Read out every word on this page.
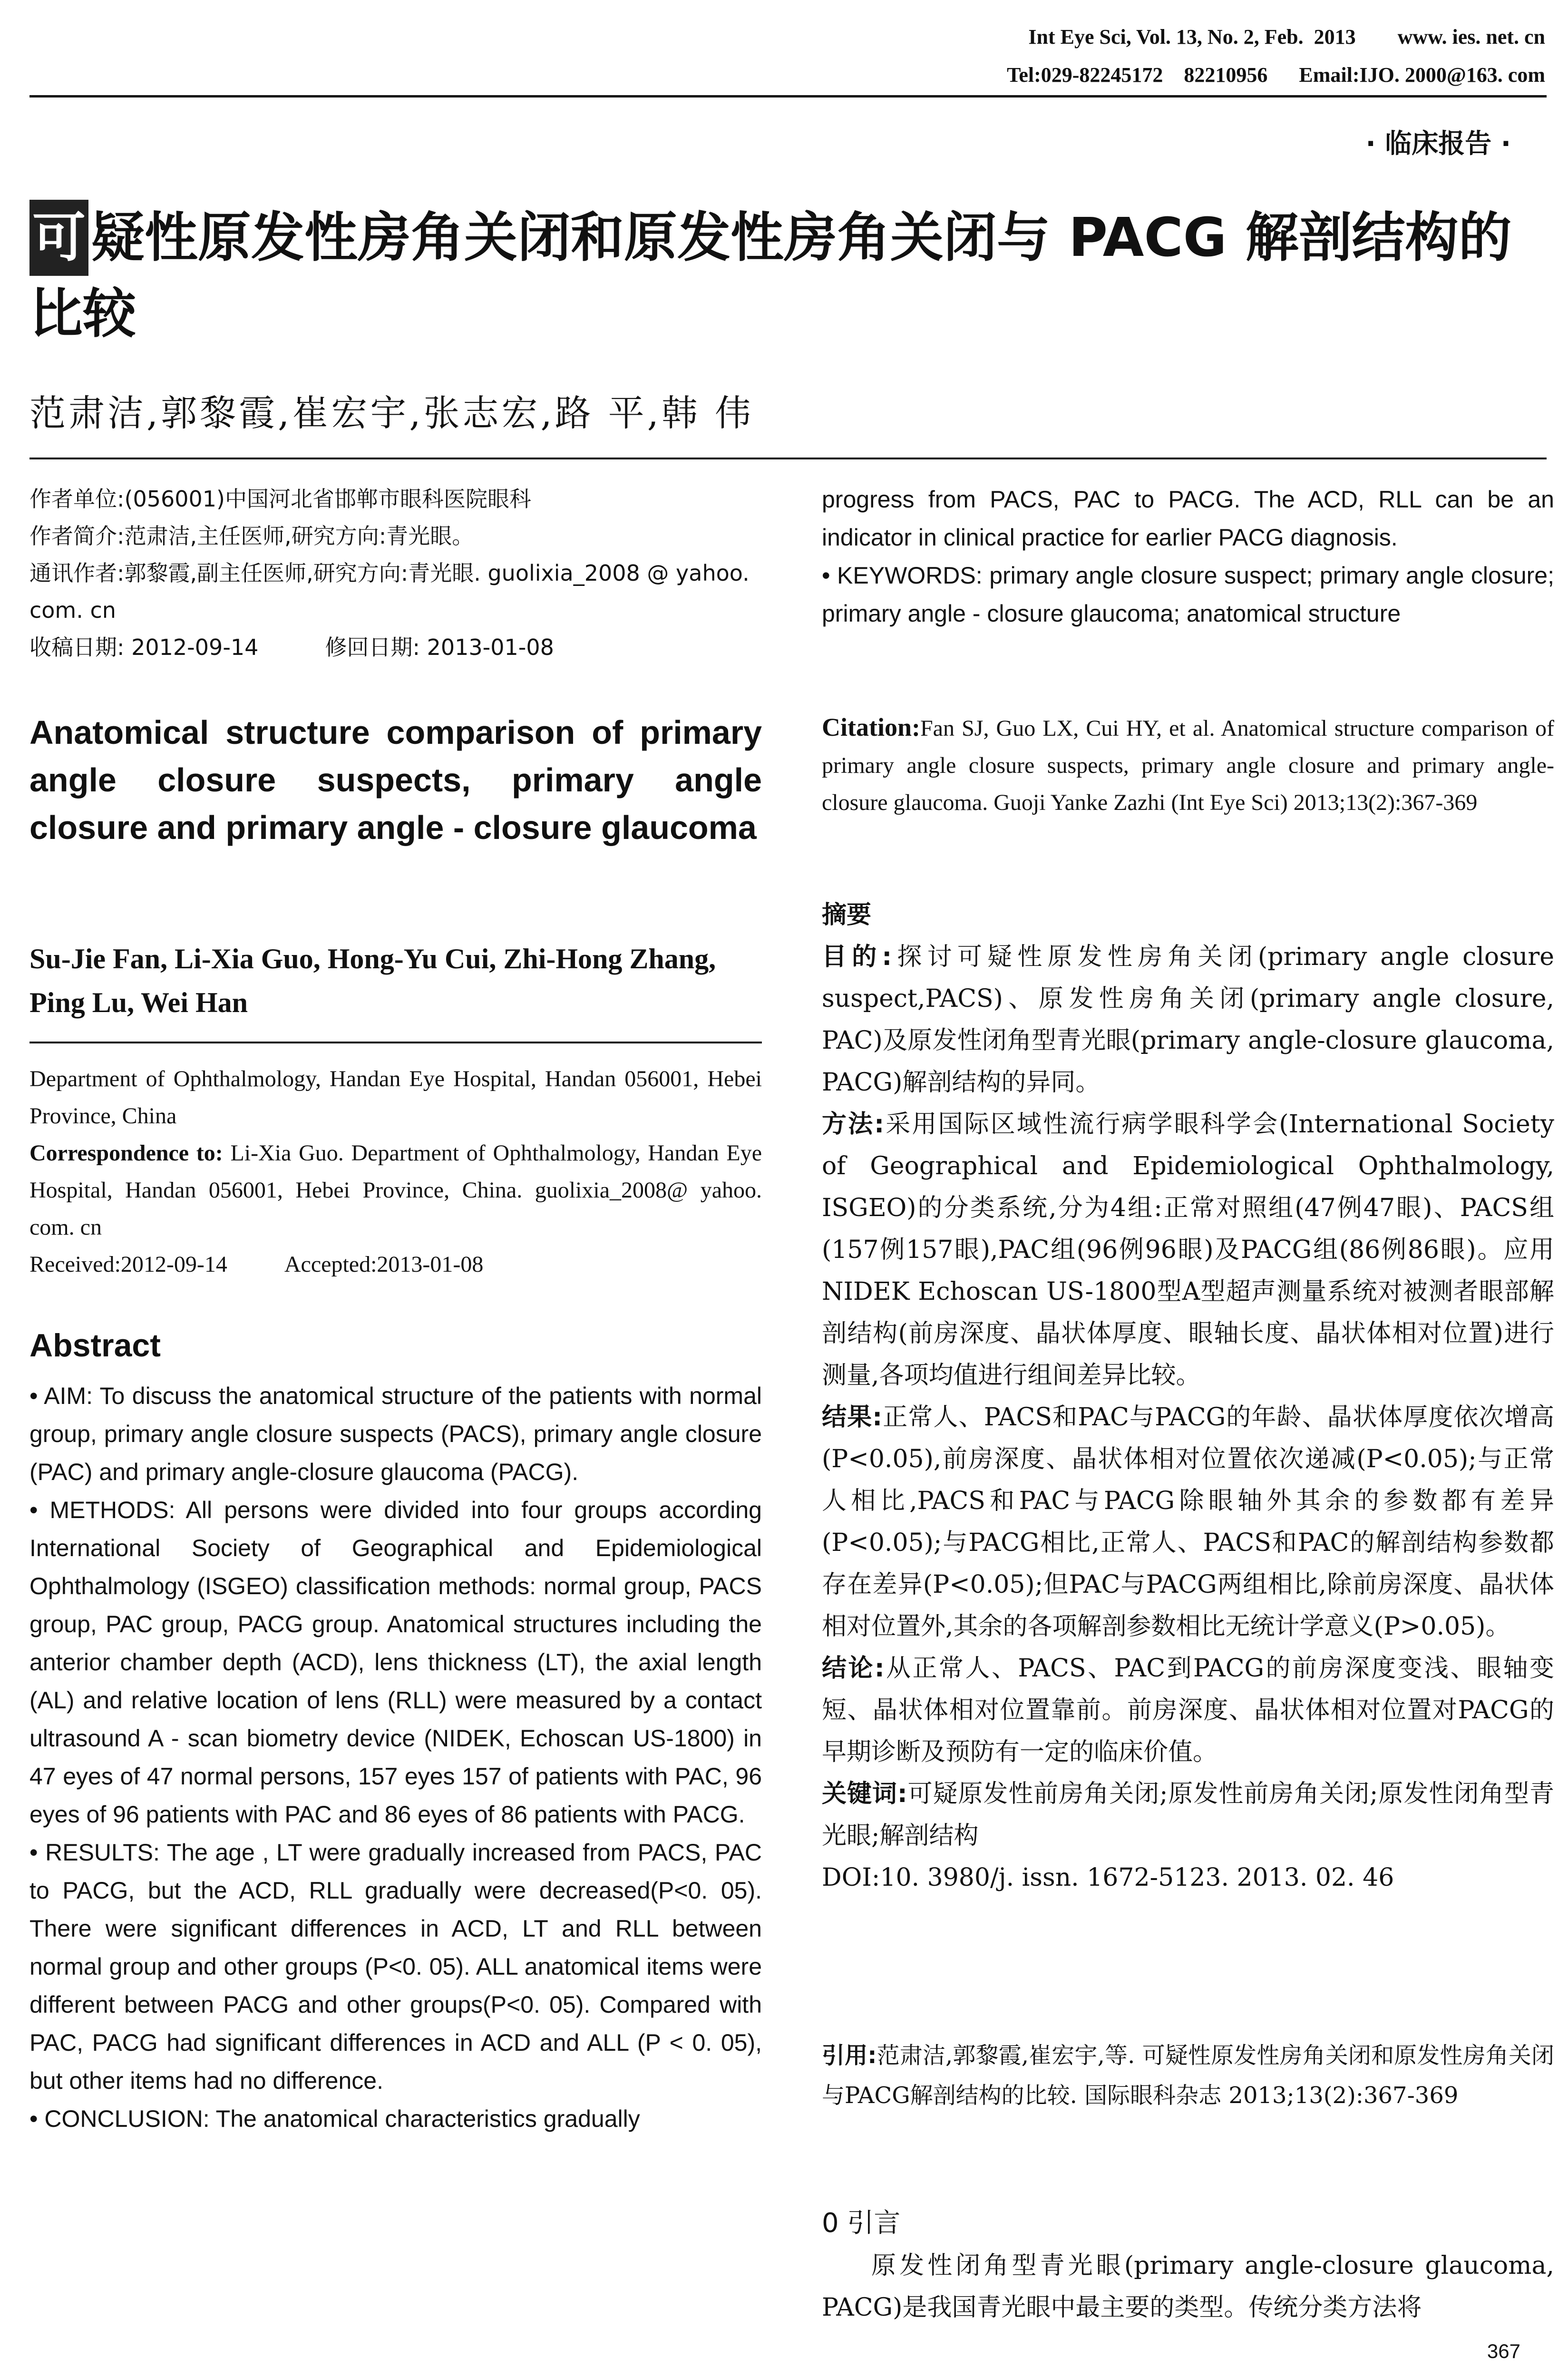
Int Eye Sci, Vol. 13, No. 2, Feb.  2013        www. ies. net. cn
Tel:029-82245172    82210956      Email:IJO. 2000@163. com
· 临床报告 ·
可 疑性原发性房角关闭和原发性房角关闭与 PACG 解剖结构的比较
范肃洁,郭黎霞,崔宏宇,张志宏,路 平,韩 伟
作者单位:(056001)中国河北省邯郸市眼科医院眼科
作者简介:范肃洁,主任医师,研究方向:青光眼。
通讯作者:郭黎霞,副主任医师,研究方向:青光眼. guolixia_2008 @ yahoo. com. cn
收稿日期: 2012-09-14	修回日期: 2013-01-08
Anatomical structure comparison of primary angle closure suspects, primary angle closure and primary angle - closure glaucoma
Su-Jie Fan, Li-Xia Guo, Hong-Yu Cui, Zhi-Hong Zhang, Ping Lu, Wei Han
Department of Ophthalmology, Handan Eye Hospital, Handan 056001, Hebei Province, China
Correspondence to: Li-Xia Guo. Department of Ophthalmology, Handan Eye Hospital, Handan 056001, Hebei Province, China. guolixia_2008@ yahoo. com. cn
Received:2012-09-14	Accepted:2013-01-08
Abstract

• AIM: To discuss the anatomical structure of the patients with normal group, primary angle closure suspects (PACS), primary angle closure (PAC) and primary angle-closure glaucoma (PACG).

• METHODS: All persons were divided into four groups according International Society of Geographical and Epidemiological Ophthalmology (ISGEO) classification methods: normal group, PACS group, PAC group, PACG group. Anatomical structures including the anterior chamber depth (ACD), lens thickness (LT), the axial length (AL) and relative location of lens (RLL) were measured by a contact ultrasound A - scan biometry device (NIDEK, Echoscan US-1800) in 47 eyes of 47 normal persons, 157 eyes 157 of patients with PAC, 96 eyes of 96 patients with PAC and 86 eyes of 86 patients with PACG.

• RESULTS: The age , LT were gradually increased from PACS, PAC to PACG, but the ACD, RLL gradually were decreased(P<0. 05). There were significant differences in ACD, LT and RLL between normal group and other groups (P<0. 05). ALL anatomical items were different between PACG and other groups(P<0. 05). Compared with PAC, PACG had significant differences in ACD and ALL (P < 0. 05), but other items had no difference.

• CONCLUSION: The anatomical characteristics gradually

progress from PACS, PAC to PACG. The ACD, RLL can be an indicator in clinical practice for earlier PACG diagnosis.

• KEYWORDS: primary angle closure suspect; primary angle closure; primary angle - closure glaucoma; anatomical structure

Citation:Fan SJ, Guo LX, Cui HY, et al. Anatomical structure comparison of primary angle closure suspects, primary angle closure and primary angle-closure glaucoma. Guoji Yanke Zazhi (Int Eye Sci) 2013;13(2):367-369

摘要

目的:探讨可疑性原发性房角关闭(primary angle closure suspect,PACS)、原发性房角关闭(primary angle closure, PAC)及原发性闭角型青光眼(primary angle-closure glaucoma, PACG)解剖结构的异同。

方法:采用国际区域性流行病学眼科学会(International Society of Geographical and Epidemiological Ophthalmology, ISGEO)的分类系统,分为4组:正常对照组(47例47眼)、PACS组(157例157眼),PAC组(96例96眼)及PACG组(86例86眼)。应用NIDEK Echoscan US-1800型A型超声测量系统对被测者眼部解剖结构(前房深度、晶状体厚度、眼轴长度、晶状体相对位置)进行测量,各项均值进行组间差异比较。

结果:正常人、PACS和PAC与PACG的年龄、晶状体厚度依次增高(P<0.05),前房深度、晶状体相对位置依次递减(P<0.05);与正常人相比,PACS和PAC与PACG除眼轴外其余的参数都有差异(P<0.05);与PACG相比,正常人、PACS和PAC的解剖结构参数都存在差异(P<0.05);但PAC与PACG两组相比,除前房深度、晶状体相对位置外,其余的各项解剖参数相比无统计学意义(P>0.05)。

结论:从正常人、PACS、PAC到PACG的前房深度变浅、眼轴变短、晶状体相对位置靠前。前房深度、晶状体相对位置对PACG的早期诊断及预防有一定的临床价值。

关键词:可疑原发性前房角关闭;原发性前房角关闭;原发性闭角型青光眼;解剖结构

DOI:10. 3980/j. issn. 1672-5123. 2013. 02. 46

引用:范肃洁,郭黎霞,崔宏宇,等. 可疑性原发性房角关闭和原发性房角关闭与PACG解剖结构的比较. 国际眼科杂志 2013;13(2):367-369
0 引言
原发性闭角型青光眼(primary angle-closure glaucoma, PACG)是我国青光眼中最主要的类型。传统分类方法将
367
